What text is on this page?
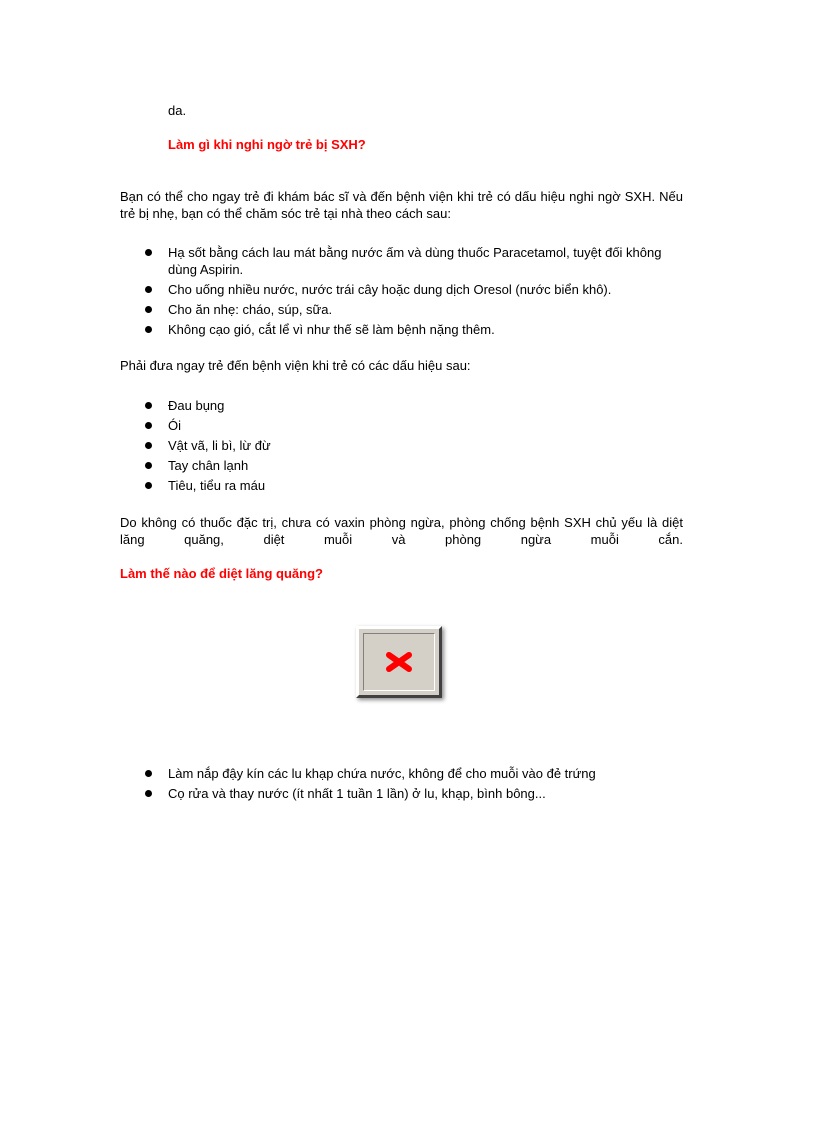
da.

Làm gì khi nghi ngờ trẻ bị SXH?

Bạn có thể cho ngay trẻ đi khám bác sĩ và đến bệnh viện khi trẻ có dấu hiệu nghi ngờ SXH. Nếu trẻ bị nhẹ, bạn có thể chăm sóc trẻ tại nhà theo cách sau:

Hạ sốt bằng cách lau mát bằng nước ấm và dùng thuốc Paracetamol, tuyệt đối không dùng Aspirin.
Cho uống nhiều nước, nước trái cây hoặc dung dịch Oresol (nước biển khô).
Cho ăn nhẹ: cháo, súp, sữa.
Không cạo gió, cắt lể vì như thế sẽ làm bệnh nặng thêm.

Phải đưa ngay trẻ đến bệnh viện khi trẻ có các dấu hiệu sau:

Đau bụng
Ói
Vật vã, li bì, lừ đừ
Tay chân lạnh
Tiêu, tiểu ra máu

Do không có thuốc đặc trị, chưa có vaxin phòng ngừa, phòng chống bệnh SXH chủ yếu là diệt

lăng quăng, diệt muỗi và phòng ngừa muỗi cắn.

Làm thế nào để diệt lăng quăng?

Làm nắp đậy kín các lu khạp chứa nước, không để cho muỗi vào đẻ trứng
Cọ rửa và thay nước (ít nhất 1 tuần 1 lần) ở lu, khạp, bình bông...
